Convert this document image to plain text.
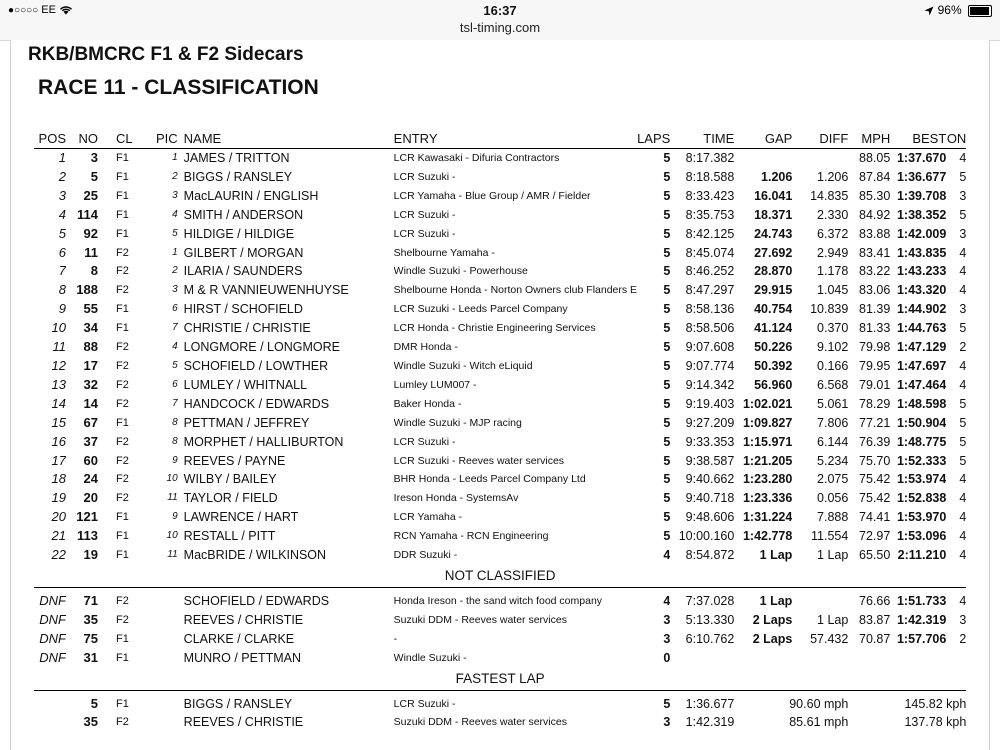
●○○○○ EE	16:37
tsl-timing.com
96%
RKB/BMCRC F1 & F2 Sidecars
RACE 11 - CLASSIFICATION
POS	NO	CL	PIC	NAME	ENTRY	LAPS	TIME	GAP	DIFF	MPH	BEST	ON
1	3	F1	1	JAMES / TRITTON	LCR Kawasaki - Difuria Contractors	5	8:17.382			88.05	1:37.670	4
2	5	F1	2	BIGGS / RANSLEY	LCR Suzuki -	5	8:18.588	1.206	1.206	87.84	1:36.677	5
3	25	F1	3	MacLAURIN / ENGLISH	LCR Yamaha - Blue Group / AMR / Fielder	5	8:33.423	16.041	14.835	85.30	1:39.708	3
4	114	F1	4	SMITH / ANDERSON	LCR Suzuki -	5	8:35.753	18.371	2.330	84.92	1:38.352	5
5	92	F1	5	HILDIGE / HILDIGE	LCR Suzuki -	5	8:42.125	24.743	6.372	83.88	1:42.009	3
6	11	F2	1	GILBERT / MORGAN	Shelbourne Yamaha -	5	8:45.074	27.692	2.949	83.41	1:43.835	4
7	8	F2	2	ILARIA / SAUNDERS	Windle Suzuki - Powerhouse	5	8:46.252	28.870	1.178	83.22	1:43.233	4
8	188	F2	3	M & R VANNIEUWENHUYSE	Shelbourne Honda - Norton Owners club Flanders E	5	8:47.297	29.915	1.045	83.06	1:43.320	4
9	55	F1	6	HIRST / SCHOFIELD	LCR Suzuki - Leeds Parcel Company	5	8:58.136	40.754	10.839	81.39	1:44.902	3
10	34	F1	7	CHRISTIE / CHRISTIE	LCR Honda - Christie Engineering Services	5	8:58.506	41.124	0.370	81.33	1:44.763	5
11	88	F2	4	LONGMORE / LONGMORE	DMR Honda -	5	9:07.608	50.226	9.102	79.98	1:47.129	2
12	17	F2	5	SCHOFIELD / LOWTHER	Windle Suzuki - Witch eLiquid	5	9:07.774	50.392	0.166	79.95	1:47.697	4
13	32	F2	6	LUMLEY / WHITNALL	Lumley LUM007 -	5	9:14.342	56.960	6.568	79.01	1:47.464	4
14	14	F2	7	HANDCOCK / EDWARDS	Baker Honda -	5	9:19.403	1:02.021	5.061	78.29	1:48.598	5
15	67	F1	8	PETTMAN / JEFFREY	Windle Suzuki - MJP racing	5	9:27.209	1:09.827	7.806	77.21	1:50.904	5
16	37	F2	8	MORPHET / HALLIBURTON	LCR Suzuki -	5	9:33.353	1:15.971	6.144	76.39	1:48.775	5
17	60	F2	9	REEVES / PAYNE	LCR Suzuki - Reeves water services	5	9:38.587	1:21.205	5.234	75.70	1:52.333	5
18	24	F2	10	WILBY / BAILEY	BHR Honda - Leeds Parcel Company Ltd	5	9:40.662	1:23.280	2.075	75.42	1:53.974	4
19	20	F2	11	TAYLOR / FIELD	Ireson Honda - SystemsAv	5	9:40.718	1:23.336	0.056	75.42	1:52.838	4
20	121	F1	9	LAWRENCE / HART	LCR Yamaha -	5	9:48.606	1:31.224	7.888	74.41	1:53.970	4
21	113	F1	10	RESTALL / PITT	RCN Yamaha - RCN Engineering	5	10:00.160	1:42.778	11.554	72.97	1:53.096	4
22	19	F1	11	MacBRIDE / WILKINSON	DDR Suzuki -	4	8:54.872	1 Lap	1 Lap	65.50	2:11.210	4
NOT CLASSIFIED												

DNF	71	F2		SCHOFIELD / EDWARDS	Honda Ireson - the sand witch food company	4	7:37.028	1 Lap		76.66	1:51.733	4
DNF	35	F2		REEVES / CHRISTIE	Suzuki DDM - Reeves water services	3	5:13.330	2 Laps	1 Lap	83.87	1:42.319	3
DNF	75	F1		CLARKE / CLARKE	-	3	6:10.762	2 Laps	57.432	70.87	1:57.706	2
DNF	31	F1		MUNRO / PETTMAN	Windle Suzuki -	0						
FASTEST LAP												

	5	F1		BIGGS / RANSLEY	LCR Suzuki -	5	1:36.677	90.60 mph		145.82 kph		
	35	F2		REEVES / CHRISTIE	Suzuki DDM - Reeves water services	3	1:42.319	85.61 mph		137.78 kph		
